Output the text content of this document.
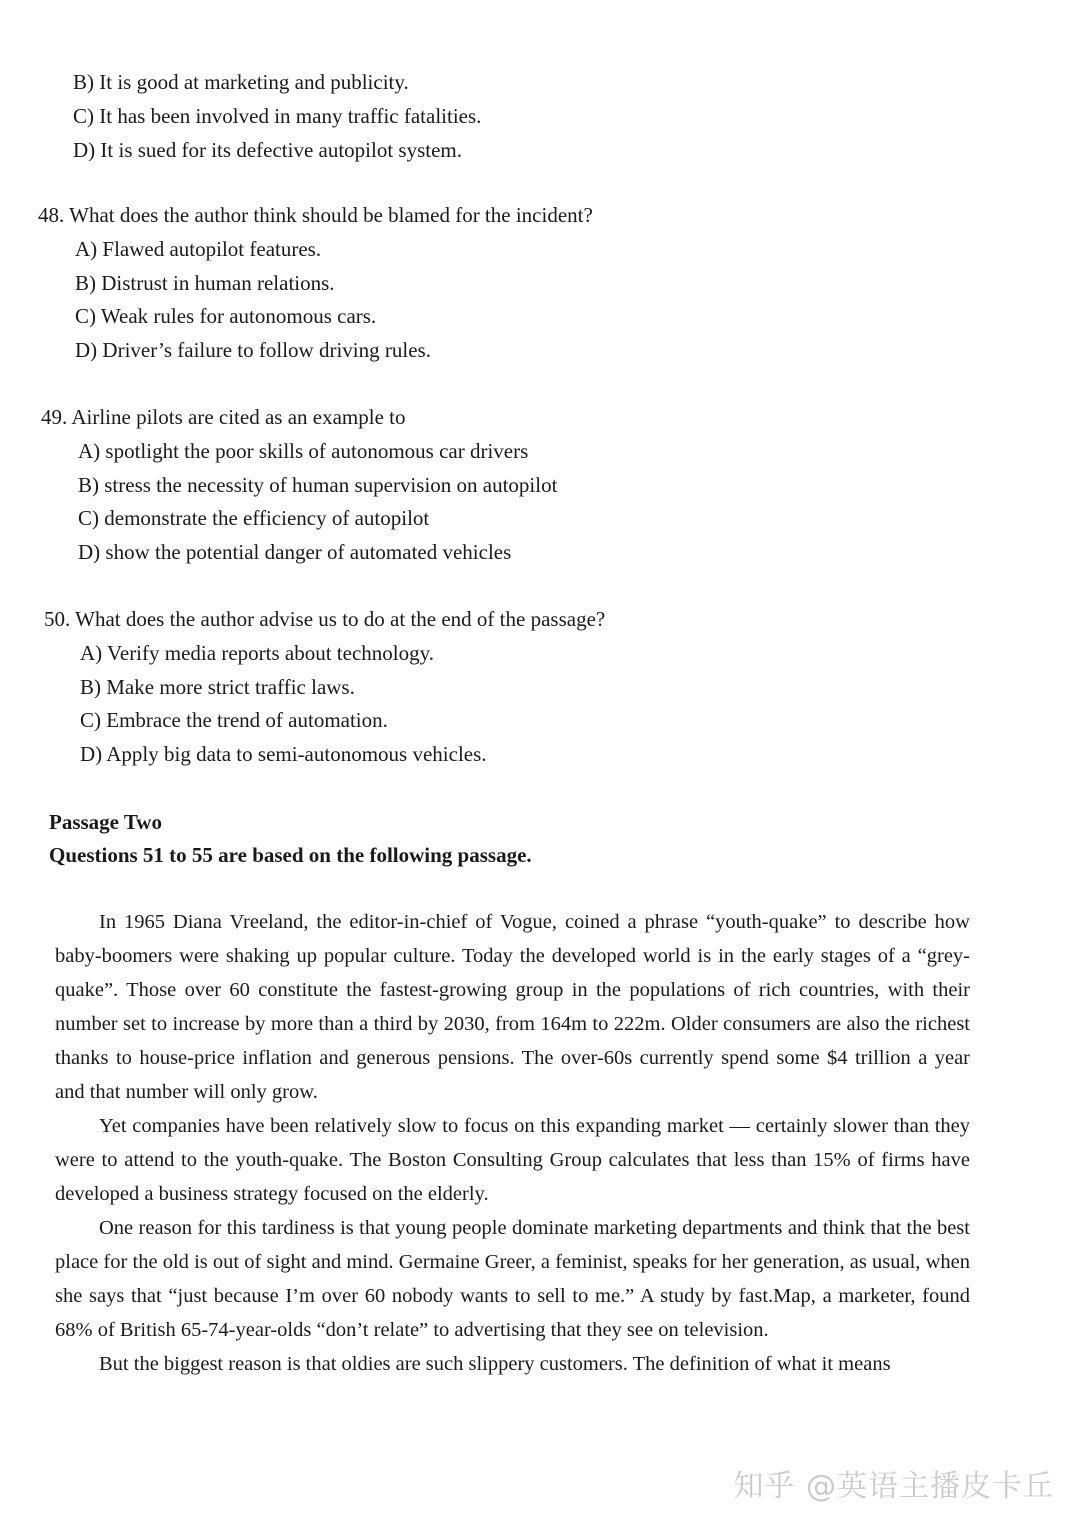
B) It is good at marketing and publicity.
C) It has been involved in many traffic fatalities.
D) It is sued for its defective autopilot system.
48. What does the author think should be blamed for the incident?
A) Flawed autopilot features.
B) Distrust in human relations.
C) Weak rules for autonomous cars.
D) Driver’s failure to follow driving rules.
49. Airline pilots are cited as an example to
A) spotlight the poor skills of autonomous car drivers
B) stress the necessity of human supervision on autopilot
C) demonstrate the efficiency of autopilot
D) show the potential danger of automated vehicles
50. What does the author advise us to do at the end of the passage?
A) Verify media reports about technology.
B) Make more strict traffic laws.
C) Embrace the trend of automation.
D) Apply big data to semi-autonomous vehicles.
Passage Two
Questions 51 to 55 are based on the following passage.

In 1965 Diana Vreeland, the editor-in-chief of Vogue, coined a phrase “youth-quake” to describe how baby-boomers were shaking up popular culture. Today the developed world is in the early stages of a “grey-quake”. Those over 60 constitute the fastest-growing group in the populations of rich countries, with their number set to increase by more than a third by 2030, from 164m to 222m. Older consumers are also the richest thanks to house-price inflation and generous pensions. The over-60s currently spend some $4 trillion a year and that number will only grow.

Yet companies have been relatively slow to focus on this expanding market — certainly slower than they were to attend to the youth-quake. The Boston Consulting Group calculates that less than 15% of firms have developed a business strategy focused on the elderly.

One reason for this tardiness is that young people dominate marketing departments and think that the best place for the old is out of sight and mind. Germaine Greer, a feminist, speaks for her generation, as usual, when she says that “just because I’m over 60 nobody wants to sell to me.” A study by fast.Map, a marketer, found 68% of British 65-74-year-olds “don’t relate” to advertising that they see on television.

But the biggest reason is that oldies are such slippery customers. The definition of what it means

知乎 @英语主播皮卡丘
